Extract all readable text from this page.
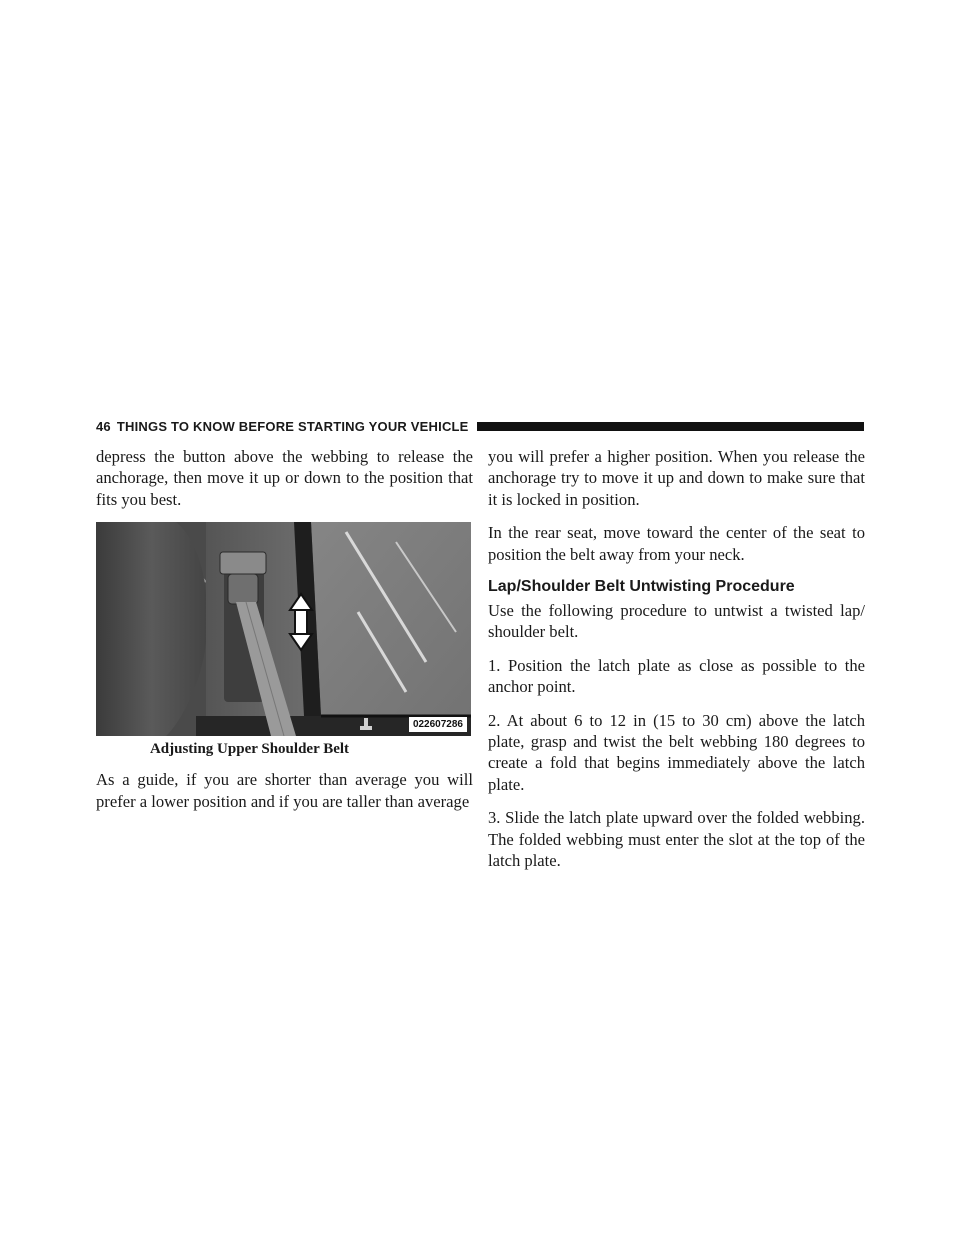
46 THINGS TO KNOW BEFORE STARTING YOUR VEHICLE

depress the button above the webbing to release the anchorage, then move it up or down to the position that fits you best.

022607286
Adjusting Upper Shoulder Belt

As a guide, if you are shorter than average you will prefer a lower position and if you are taller than average

you will prefer a higher position. When you release the anchorage try to move it up and down to make sure that it is locked in position.

In the rear seat, move toward the center of the seat to position the belt away from your neck.

Lap/Shoulder Belt Untwisting Procedure

Use the following procedure to untwist a twisted lap/ shoulder belt.

1. Position the latch plate as close as possible to the anchor point.

2. At about 6 to 12 in (15 to 30 cm) above the latch plate, grasp and twist the belt webbing 180 degrees to create a fold that begins immediately above the latch plate.

3. Slide the latch plate upward over the folded webbing. The folded webbing must enter the slot at the top of the latch plate.
